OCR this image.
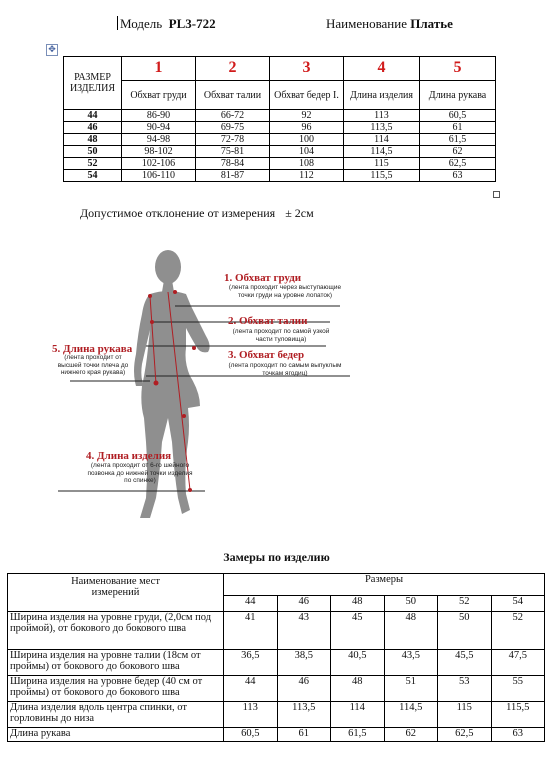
Модель PL3-722	Наименование Платье
✥
РАЗМЕР ИЗДЕЛИЯ	1	2	3	4	5
	Обхват груди	Обхват талии	Обхват бедер I.	Длина изделия	Длина рукава
44	86-90	66-72	92	113	60,5
46	90-94	69-75	96	113,5	61
48	94-98	72-78	100	114	61,5
50	98-102	75-81	104	114,5	62
52	102-106	78-84	108	115	62,5
54	106-110	81-87	112	115,5	63
Допустимое отклонение от измерения ± 2см
1. Обхват груди
(лента проходит через выступающие точки груди на уровне лопаток)
2. Обхват талии
(лента проходит по самой узкой части туловища)
3. Обхват бедер
(лента проходит по самым выпуклым точкам ягодиц)
4. Длина изделия
(лента проходит от 6-го шейного позвонка до нижней точки изделия по спинке)
5. Длина рукава
(лента проходит от высшей точки плеча до нижнего края рукава)
Замеры по изделию
Наименование мест измерений	Размеры					
	44	46	48	50	52	54
Ширина изделия на уровне груди, (2,0см под проймой), от бокового до бокового шва	41	43	45	48	50	52
Ширина изделия на уровне талии (18см от проймы) от бокового до бокового шва	36,5	38,5	40,5	43,5	45,5	47,5
Ширина изделия на уровне бедер (40 см от проймы) от бокового до бокового шва	44	46	48	51	53	55
Длина изделия вдоль центра спинки, от горловины до низа	113	113,5	114	114,5	115	115,5
Длина рукава	60,5	61	61,5	62	62,5	63
